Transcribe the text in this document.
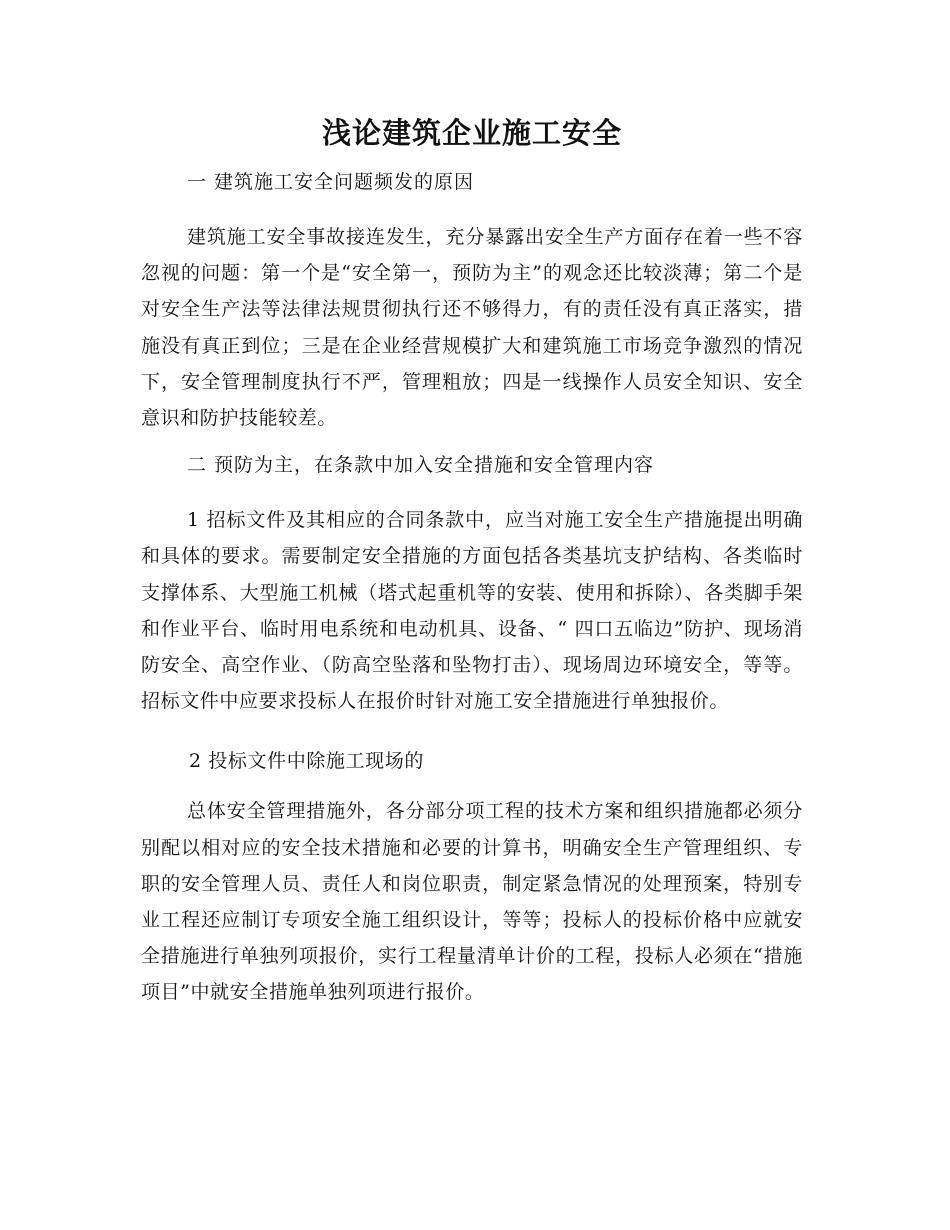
浅论建筑企业施工安全

一 建筑施工安全问题频发的原因

建筑施工安全事故接连发生，充分暴露出安全生产方面存在着一些不容忽视的问题：第一个是“安全第一，预防为主”的观念还比较淡薄；第二个是对安全生产法等法律法规贯彻执行还不够得力，有的责任没有真正落实，措施没有真正到位；三是在企业经营规模扩大和建筑施工市场竞争激烈的情况下，安全管理制度执行不严，管理粗放；四是一线操作人员安全知识、安全意识和防护技能较差。

二 预防为主，在条款中加入安全措施和安全管理内容

1 招标文件及其相应的合同条款中，应当对施工安全生产措施提出明确和具体的要求。需要制定安全措施的方面包括各类基坑支护结构、各类临时支撑体系、大型施工机械（塔式起重机等的安装、使用和拆除）、各类脚手架和作业平台、临时用电系统和电动机具、设备、“ 四口五临边”防护、现场消防安全、高空作业、（防高空坠落和坠物打击）、现场周边环境安全，等等。招标文件中应要求投标人在报价时针对施工安全措施进行单独报价。

2 投标文件中除施工现场的

总体安全管理措施外，各分部分项工程的技术方案和组织措施都必须分别配以相对应的安全技术措施和必要的计算书，明确安全生产管理组织、专职的安全管理人员、责任人和岗位职责，制定紧急情况的处理预案，特别专业工程还应制订专项安全施工组织设计，等等；投标人的投标价格中应就安全措施进行单独列项报价，实行工程量清单计价的工程，投标人必须在“措施项目”中就安全措施单独列项进行报价。
